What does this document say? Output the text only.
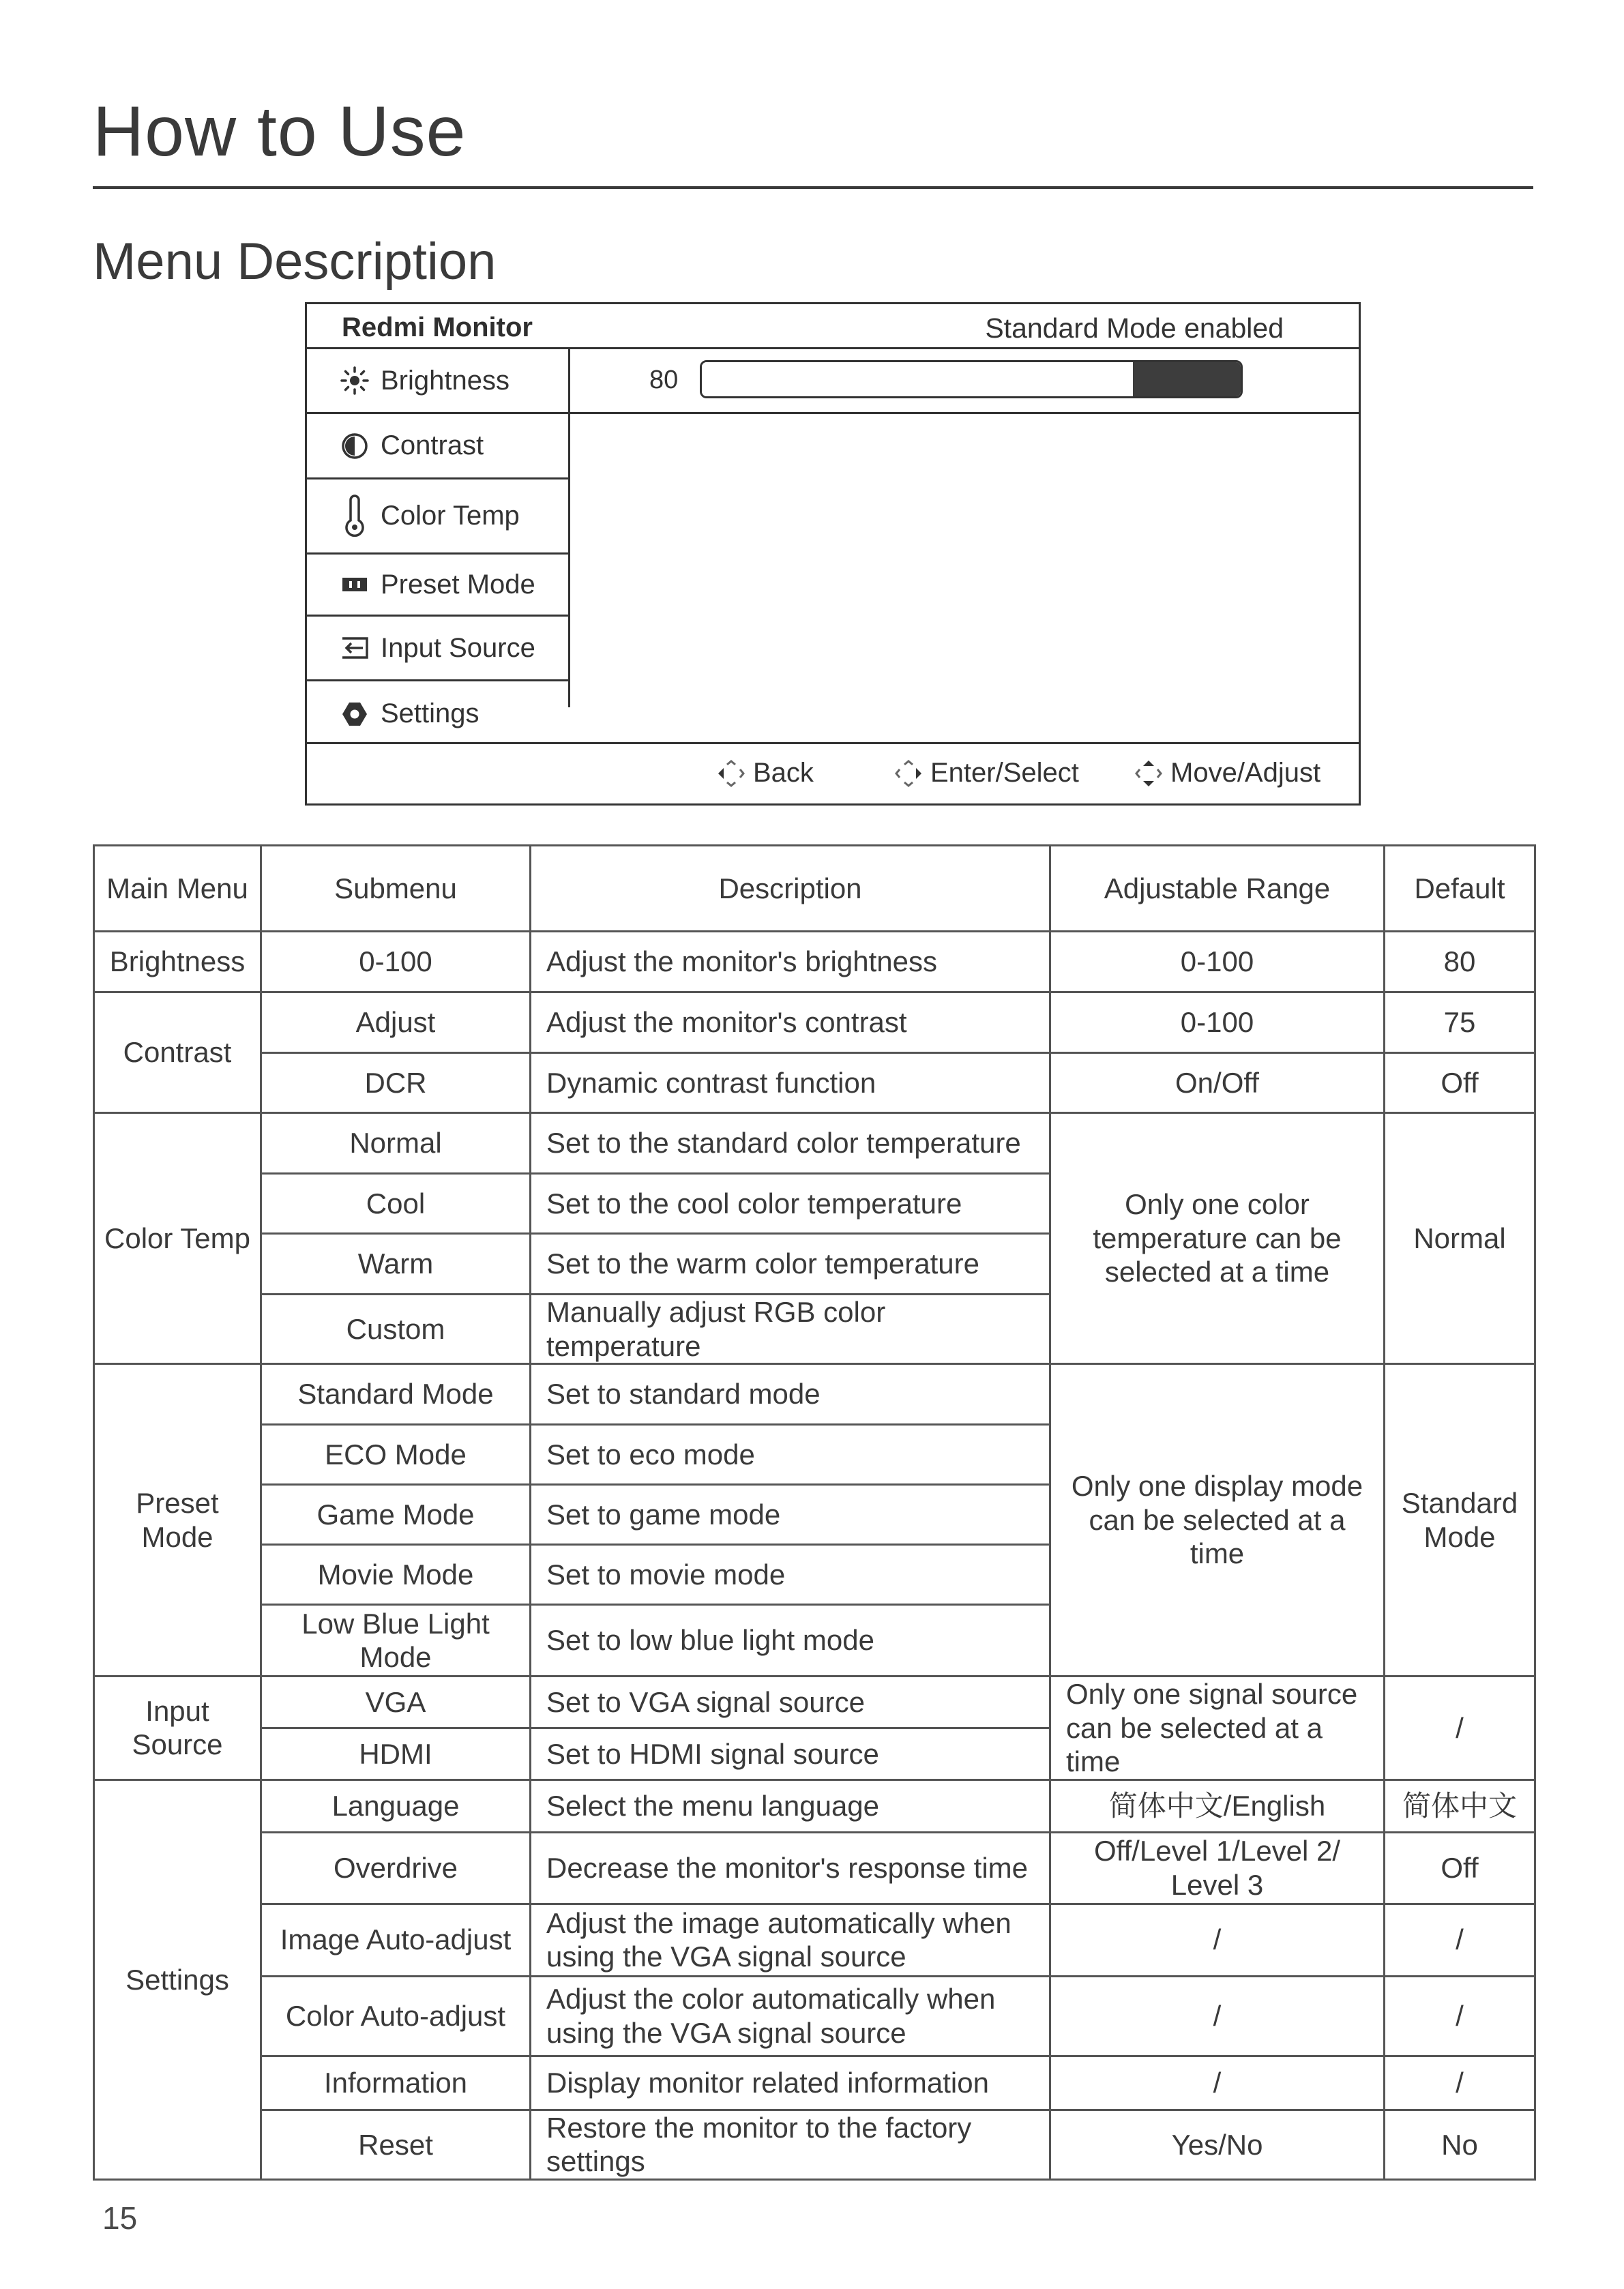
How to Use
Menu Description
Redmi Monitor	Standard Mode enabled
Brightness
Contrast
Color Temp
Preset Mode
Input Source
Settings
80
Back	Enter/Select	Move/Adjust
Main Menu	Submenu	Description	Adjustable Range	Default
Brightness	0-100	Adjust the monitor's brightness	0-100	80
Contrast	Adjust	Adjust the monitor's contrast	0-100	75
	DCR	Dynamic contrast function	On/Off	Off
Color Temp	Normal	Set to the standard color temperature	Only one color temperature can be selected at a time	Normal
	Cool	Set to the cool color temperature		
	Warm	Set to the warm color temperature		
	Custom	Manually adjust RGB color temperature		
Preset Mode	Standard Mode	Set to standard mode	Only one display mode can be selected at a time	Standard Mode
	ECO Mode	Set to eco mode		
	Game Mode	Set to game mode		
	Movie Mode	Set to movie mode		
	Low Blue Light Mode	Set to low blue light mode		
Input Source	VGA	Set to VGA signal source	Only one signal source can be selected at a time	/
	HDMI	Set to HDMI signal source		
Settings	Language	Select the menu language	简体中文/English	简体中文
	Overdrive	Decrease the monitor's response time	Off/Level 1/Level 2/ Level 3	Off
	Image Auto-adjust	Adjust the image automatically when using the VGA signal source	/	/
	Color Auto-adjust	Adjust the color automatically when using the VGA signal source	/	/
	Information	Display monitor related information	/	/
	Reset	Restore the monitor to the factory settings	Yes/No	No
15
